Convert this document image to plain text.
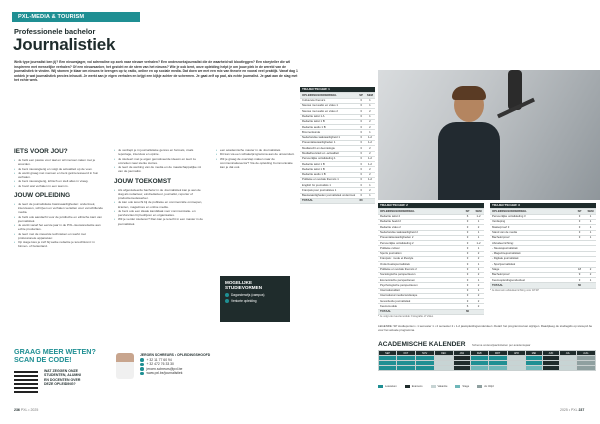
PXL-MEDIA & TOURISM
Professionele bachelor
Journalistiek
Welk type journalist ben jij? Een nieuwsjager, vol adrenaline op zoek naar nieuwe verhalen? Een onderzoeksjournalist die de waarheid wil blootleggen? Een storyteller die wil inspireren met menselijke verhalen? Of een nieuwsanker, het gezicht en de stem van het nieuws? Wie je ook bent, onze opleiding helpt je om jouw plek in de wereld van de journalistiek te vinden. Wij stomen je klaar om nieuws te brengen op tv, radio, online en op sociale media. Dat doen we met een mix van theorie en vooral veel praktijk. Vanaf dag 1 ontdek je wat journalistiek precies inhoudt. Je werkt aan je eigen verhalen en krijgt een kijkje achter de schermen. Je gaat zelf op pad, als echte journalist. Je gaat aan de slag met het echte werk.
IETS VOOR JOU?
• Je hebt een passie voor taal en wil mensen raken met je woorden.
• Je bent nieuwsgierig en volgt de actualiteit op de voet.
• Je werkt graag met mensen en bent geïnteresseerd in hun verhalen.
• Je bent nieuwsgierig, kritisch en stelt alles in vraag.
• Je hoort wat verhalen in een team is.
JOUW OPLEIDING
• Je leert de journalistieke basisvaardigheden: onderzoek, interviewen, schrijven en verhalen vertellen voor verschillende media.
• Je hebt ook aandacht voor de juridische en ethische kant van journalistiek.
• Je werkt vanaf het eerste jaar in de PXL-nieuwsredactie aan echte producties.
• Je leert met de nieuwste technieken en werkt met professionele apparatuur.
• Op stage kies je zelf bij welke redactie je terechtkomt: in binnen- of buitenland.
• Je verdiept je in journalistieke genres en formats, zoals reportage, interview en opinie.
• Je studeert met je eigen gemotiveerde ideeën en leert ze omzetten naar sterke stories.
• Je leert de werking van de media en de maatschappelijke rol van de journalist.
JOUW TOEKOMST
• Als afgestudeerde bachelor in de Journalistiek kan je aan de slag als redacteur, eindredacteur, journalist, reporter of productiemedewerker.
• Je kan ook terecht bij de publieke en commerciële omroepen, kranten, magazines en online media.
• Je bent ook een ideale kandidaat voor communicatie- en persfuncties bij bedrijven en organisaties.
• Wil je verder studeren? Dan kan je terecht in een master in de journalistiek.
• een academische master in de Journalistiek.
• Dit kan via een schakelprogramma aan de universiteit.
• Wil je graag de overstap maken naar de communicatiesector? Via de opleiding Communicatie kan je dat ook.
MOGELIJKE STUDIEVORMEN
Dagonderwijs (campus)
Verkorte opleiding
GRAAG MEER WETEN? SCAN DE CODE!
WAT ZEGGEN ONZE STUDENTEN, ALUMNI EN DOCENTEN OVER DEZE OPLEIDING?
JEROEN SCHREURS • OPLEIDINGSHOOFD
+ 32 11 77 60 94
+ 32 472 76 33 30
jeroen.schreurs@pxl.be
www.pxl.be/journalistiek
236 PXL • 2025	2025 • PXL 237
TRAJECTSCHIJF 1		
OPLEIDINGSONDERDEEL	SP	SEM
Cultuurele thema's	3	1
Nieuws met audio en video 1	3	1
Nieuws met audio en video 2	3	2
Redactie tekst 1 A	3	1
Redactie tekst 1 B	3	2
Redactie audio 1 B	3	2
Bronnenkunde	3	1
Nederlandse taalvaardigheid 1	3	1-2
Presentatievaardigheden 1	3	1-2
Mediarecht en deontologie	3	2
Mediadiversiteit en -actualiteit	3	2
Persoonlijke ontwikkeling 1	3	1-2
Redactie tekst 1 B	3	1-2
Redactie tekst 1 B	3	2
Redactie audio 1 B	3	2
Politieke en sociale thema's 1	3	1-2
English for journalists 1	3	1
Français pour journalistes 1	3	2
Basisvaardigheden journalistiek onderzoek	3	1
TOTAAL	60	
TRAJECTSCHIJF 2		
OPLEIDINGSONDERDEEL	SP	SEM
Redactie tekst 2	6	1-2
Redactie beeld 2	3	1
Redactie video 2	3	2
Nederlandse taalvaardigheid 2	3	1
Presentatievaardigheden 2	3	1
Persoonlijke ontwikkeling 2	3	1-2
Politieke cultuur	3	1
Sports journalism	3	2
Français : mode et lifestyle	3	2
Onderzoeksjournalistiek	3	1
Politieke en sociale thema's 2	3	1
Sociologische perspectieven	3	2
Economische perspectieven	3	1
Psychologische perspectieven	3	2
Internationaliteit	3	1
International media landscape	3	2
Gevorderde journalistiek	3	2
Keuzemodule	6	2
TOTAAL	60	
* Je volgt één keuzemodule: Fotografie of Video
TRAJECTSCHIJF 3		
OPLEIDINGSONDERDEEL	SP	SEM
Persoonlijke ontwikkeling 3	3	1
Verdieping	3	1
Masterproef 3	3	1
Stand van de media	3	1
Bachelorproef	3	1
Afstudeerrichting:		
- Nieuwsjournalistiek		
- Magazinejournalistiek		
- Digitale journalistiek		
- Sportjournalistiek		
Stage	18	2
Bachelorproef	9	2
Keuzeopleidingsonderdeel	3	1
TOTAAL	60	
* Je kiest één afstudeerrichting voor 18 SP
LEGENDE: SP studiepunten • 1 semester 1 • 2 semester 2 • 1-2 jaaropleidingsonderdeel • Detail: het programma kan wijzigen. Raadpleeg de studiegids op www.pxl.be voor het actuele programma.
ACADEMISCHE KALENDER Schema onderwijsactiviteiten per academiejaar
SEP	OKT	NOV	DEC	JAN	FEB	MRT	APR	MEI	JUN	JUL	AUG

Lesweken	Examens	Vakantie	Stage	2e zittijd
